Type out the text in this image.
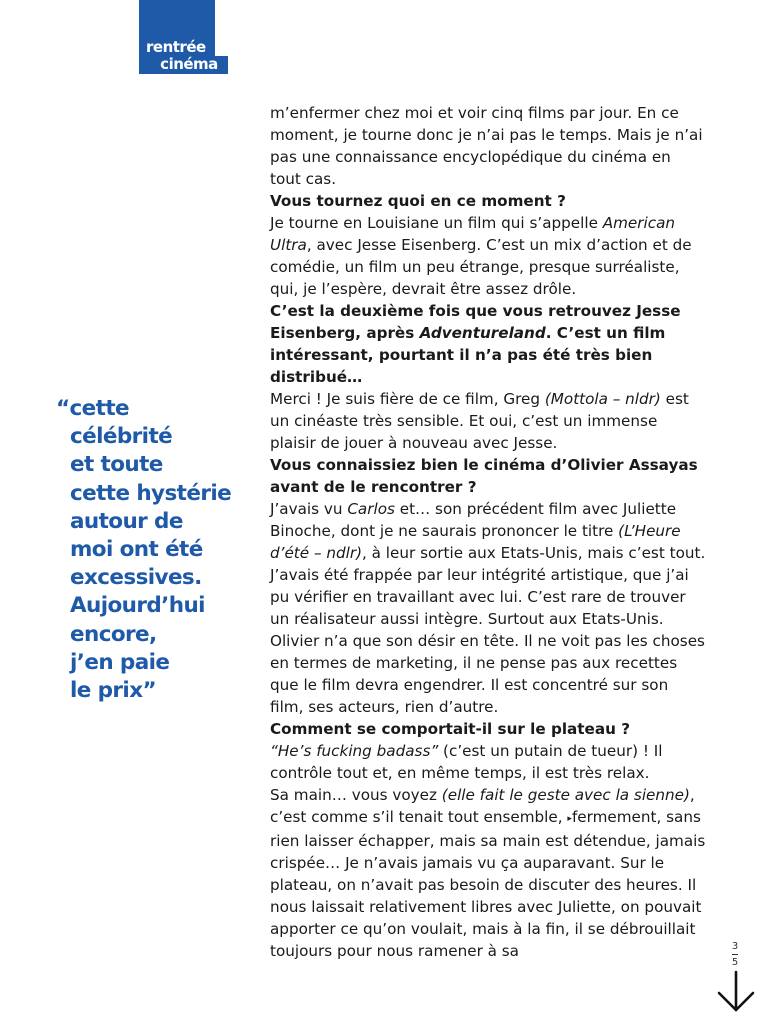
rentrée
cinéma
“cette
célébrité
et toute
cette hystérie
autour de
moi ont été
excessives.
Aujourd’hui
encore,
j’en paie
le prix”

m’enfermer chez moi et voir cinq films par jour. En ce moment, je tourne donc je n’ai pas le temps. Mais je n’ai pas une connaissance encyclopédique du cinéma en tout cas.

Vous tournez quoi en ce moment ?

Je tourne en Louisiane un film qui s’appelle American Ultra, avec Jesse Eisenberg. C’est un mix d’action et de comédie, un film un peu étrange, presque surréaliste, qui, je l’espère, devrait être assez drôle.

C’est la deuxième fois que vous retrouvez Jesse Eisenberg, après Adventureland. C’est un film intéressant, pourtant il n’a pas été très bien distribué…

Merci ! Je suis fière de ce film, Greg (Mottola – nldr) est un cinéaste très sensible. Et oui, c’est un immense plaisir de jouer à nouveau avec Jesse.

Vous connaissiez bien le cinéma d’Olivier Assayas avant de le rencontrer ?

J’avais vu Carlos et… son précédent film avec Juliette Binoche, dont je ne saurais prononcer le titre (L’Heure d’été – ndlr), à leur sortie aux Etats-Unis, mais c’est tout. J’avais été frappée par leur intégrité artistique, que j’ai pu vérifier en travaillant avec lui. C’est rare de trouver un réalisateur aussi intègre. Surtout aux Etats-Unis. Olivier n’a que son désir en tête. Il ne voit pas les choses en termes de marketing, il ne pense pas aux recettes que le film devra engendrer. Il est concentré sur son film, ses acteurs, rien d’autre.

Comment se comportait-il sur le plateau ?

“He’s fucking badass” (c’est un putain de tueur) ! Il contrôle tout et, en même temps, il est très relax.

Sa main… vous voyez (elle fait le geste avec la sienne), c’est comme s’il tenait tout ensemble, ▸fermement, sans rien laisser échapper, mais sa main est détendue, jamais crispée… Je n’avais jamais vu ça auparavant. Sur le plateau, on n’avait pas besoin de discuter des heures. Il nous laissait relativement libres avec Juliette, on pouvait apporter ce qu’on voulait, mais à la fin, il se débrouillait toujours pour nous ramener à sa	3
5
